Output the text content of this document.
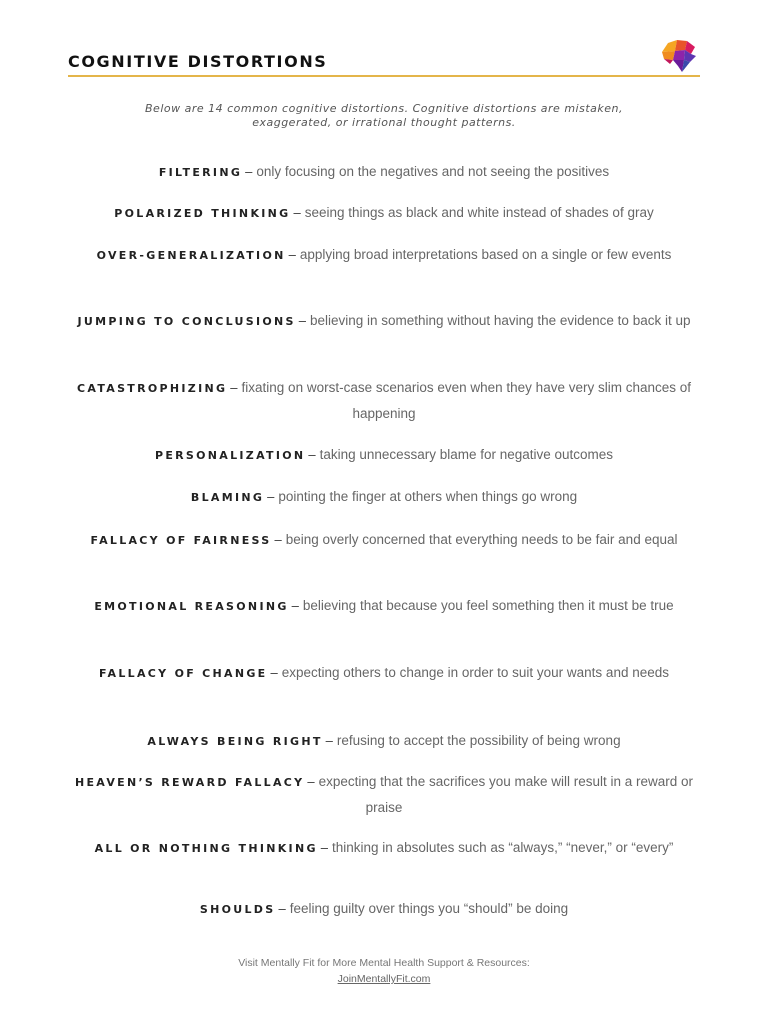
COGNITIVE DISTORTIONS
Below are 14 common cognitive distortions. Cognitive distortions are mistaken,
exaggerated, or irrational thought patterns.
FILTERING – only focusing on the negatives and not seeing the positives
POLARIZED THINKING – seeing things as black and white instead of shades of gray
OVER-GENERALIZATION – applying broad interpretations based on a single or few events
JUMPING TO CONCLUSIONS – believing in something without having the evidence to back it up
CATASTROPHIZING – fixating on worst-case scenarios even when they have very slim chances of happening
PERSONALIZATION – taking unnecessary blame for negative outcomes
BLAMING – pointing the finger at others when things go wrong
FALLACY OF FAIRNESS – being overly concerned that everything needs to be fair and equal
EMOTIONAL REASONING – believing that because you feel something then it must be true
FALLACY OF CHANGE – expecting others to change in order to suit your wants and needs
ALWAYS BEING RIGHT – refusing to accept the possibility of being wrong
HEAVEN’S REWARD FALLACY – expecting that the sacrifices you make will result in a reward or praise
ALL OR NOTHING THINKING – thinking in absolutes such as “always,” “never,” or “every”
SHOULDS – feeling guilty over things you “should” be doing
Visit Mentally Fit for More Mental Health Support & Resources:
JoinMentallyFit.com
